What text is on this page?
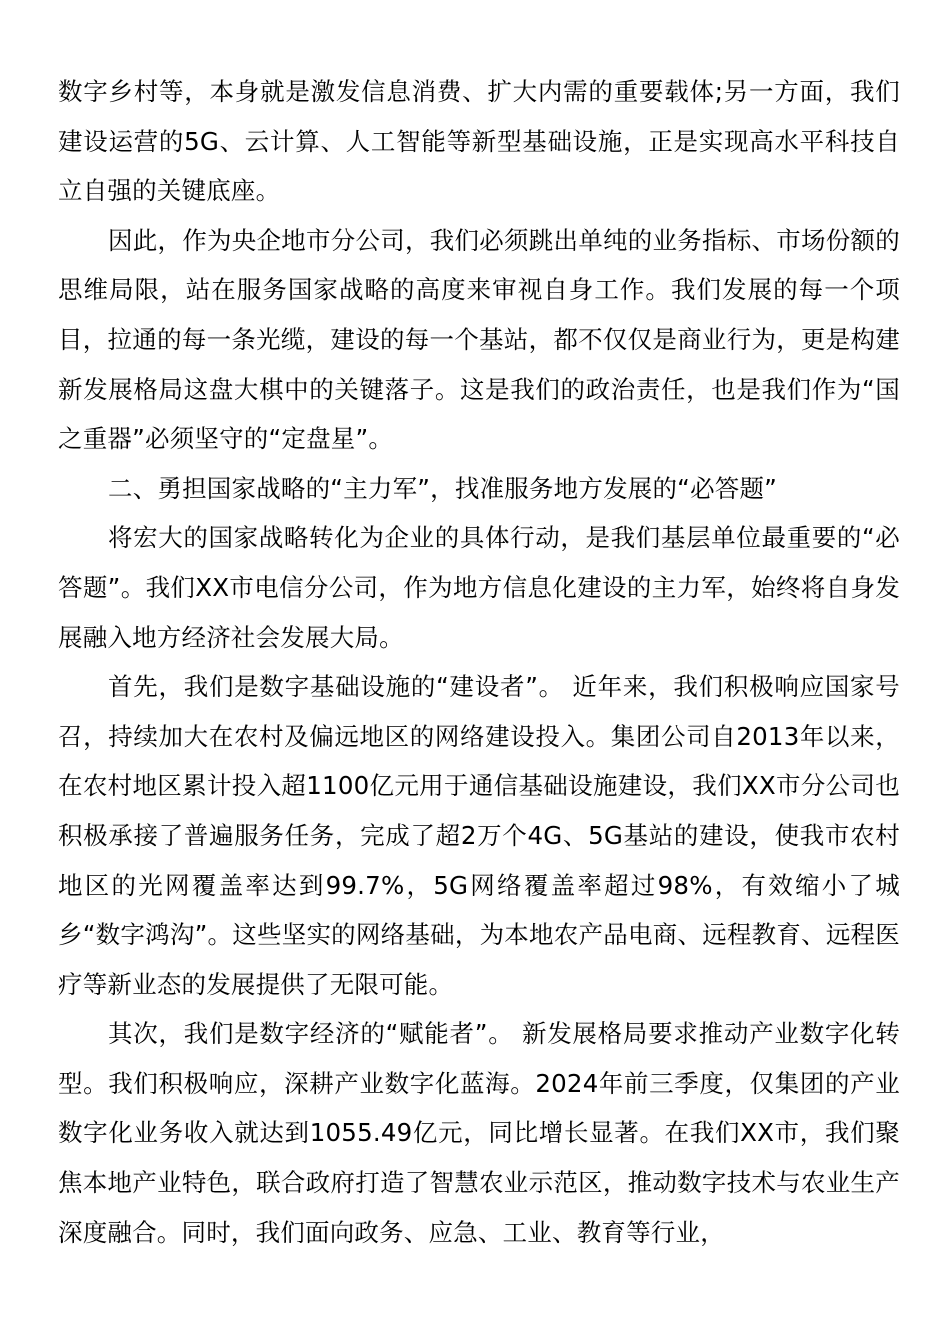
数字乡村等，本身就是激发信息消费、扩大内需的重要载体;另一方面，我们建设运营的5G、云计算、人工智能等新型基础设施，正是实现高水平科技自立自强的关键底座。

因此，作为央企地市分公司，我们必须跳出单纯的业务指标、市场份额的思维局限，站在服务国家战略的高度来审视自身工作。我们发展的每一个项目，拉通的每一条光缆，建设的每一个基站，都不仅仅是商业行为，更是构建新发展格局这盘大棋中的关键落子。这是我们的政治责任，也是我们作为“国之重器”必须坚守的“定盘星”。

二、勇担国家战略的“主力军”，找准服务地方发展的“必答题”

将宏大的国家战略转化为企业的具体行动，是我们基层单位最重要的“必答题”。我们XX市电信分公司，作为地方信息化建设的主力军，始终将自身发展融入地方经济社会发展大局。

首先，我们是数字基础设施的“建设者”。 近年来，我们积极响应国家号召，持续加大在农村及偏远地区的网络建设投入。集团公司自2013年以来，在农村地区累计投入超1100亿元用于通信基础设施建设，我们XX市分公司也积极承接了普遍服务任务，完成了超2万个4G、5G基站的建设，使我市农村地区的光网覆盖率达到99.7%，5G网络覆盖率超过98%，有效缩小了城乡“数字鸿沟”。这些坚实的网络基础，为本地农产品电商、远程教育、远程医疗等新业态的发展提供了无限可能。

其次，我们是数字经济的“赋能者”。 新发展格局要求推动产业数字化转型。我们积极响应，深耕产业数字化蓝海。2024年前三季度，仅集团的产业数字化业务收入就达到1055.49亿元，同比增长显著。在我们XX市，我们聚焦本地产业特色，联合政府打造了智慧农业示范区，推动数字技术与农业生产深度融合。同时，我们面向政务、应急、工业、教育等行业，
